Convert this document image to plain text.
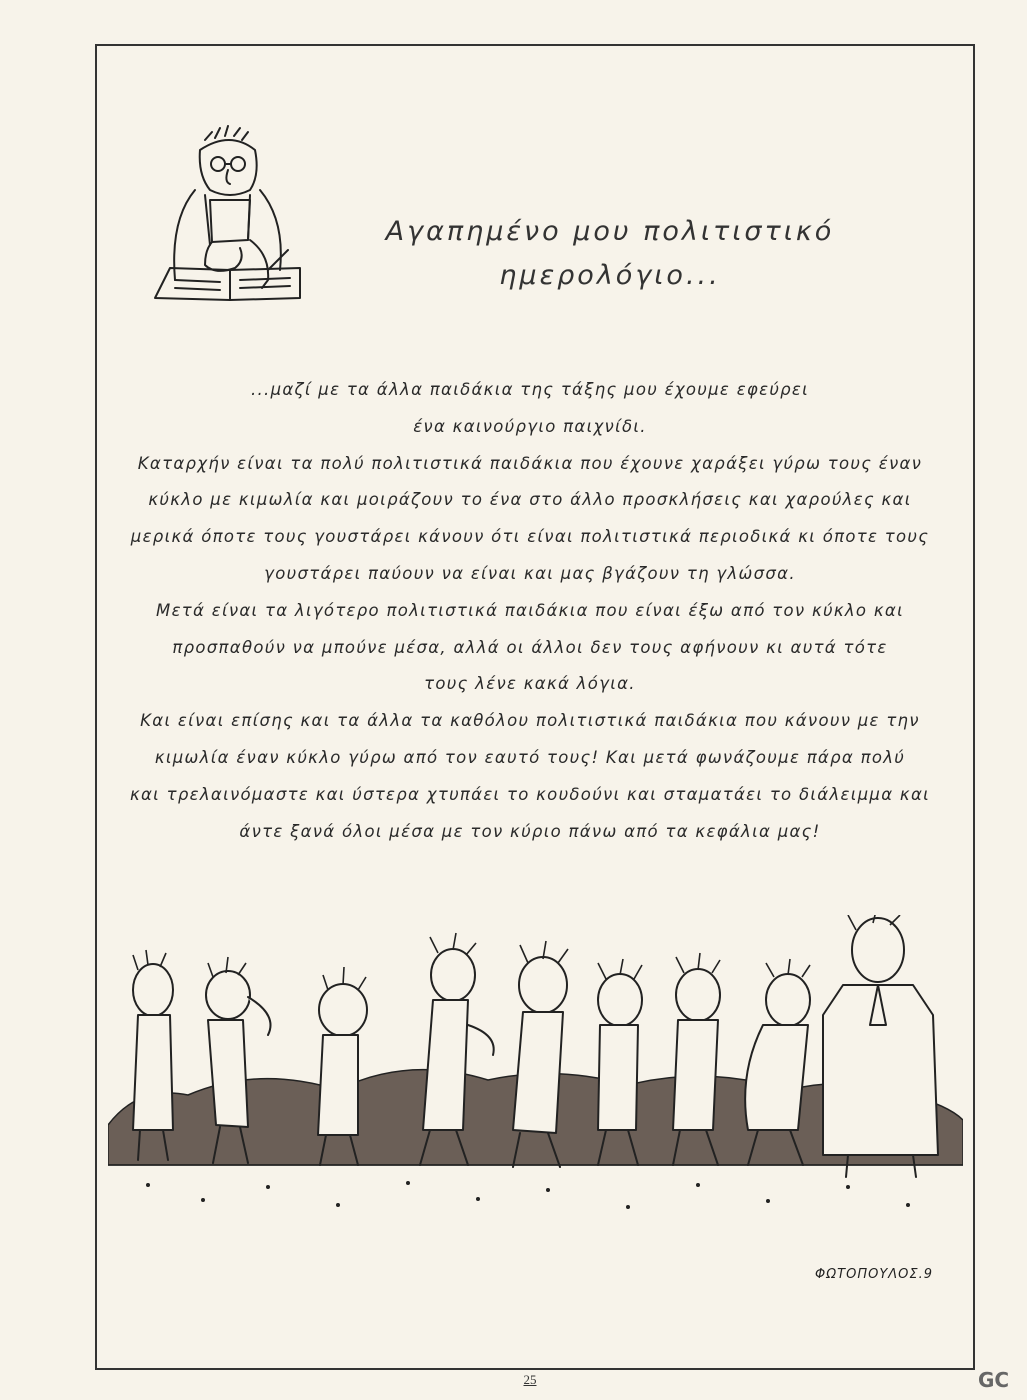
Αγαπημένο μου πολιτιστικό
ημερολόγιο...
...μαζί με τα άλλα παιδάκια της τάξης μου έχουμε εφεύρει
ένα καινούργιο παιχνίδι.
Καταρχήν είναι τα πολύ πολιτιστικά παιδάκια που έχουνε χαράξει γύρω τους έναν
κύκλο με κιμωλία και μοιράζουν το ένα στο άλλο προσκλήσεις και χαρούλες και
μερικά όποτε τους γουστάρει κάνουν ότι είναι πολιτιστικά περιοδικά κι όποτε τους
γουστάρει παύουν να είναι και μας βγάζουν τη γλώσσα.
Μετά είναι τα λιγότερο πολιτιστικά παιδάκια που είναι έξω από τον κύκλο και
προσπαθούν να μπούνε μέσα, αλλά οι άλλοι δεν τους αφήνουν κι αυτά τότε
τους λένε κακά λόγια.
Και είναι επίσης και τα άλλα τα καθόλου πολιτιστικά παιδάκια που κάνουν με την
κιμωλία έναν κύκλο γύρω από τον εαυτό τους! Και μετά φωνάζουμε πάρα πολύ
και τρελαινόμαστε και ύστερα χτυπάει το κουδούνι και σταματάει το διάλειμμα και
άντε ξανά όλοι μέσα με τον κύριο πάνω από τα κεφάλια μας!
ΦΩΤΟΠΟΥΛΟΣ.9
25	GC
